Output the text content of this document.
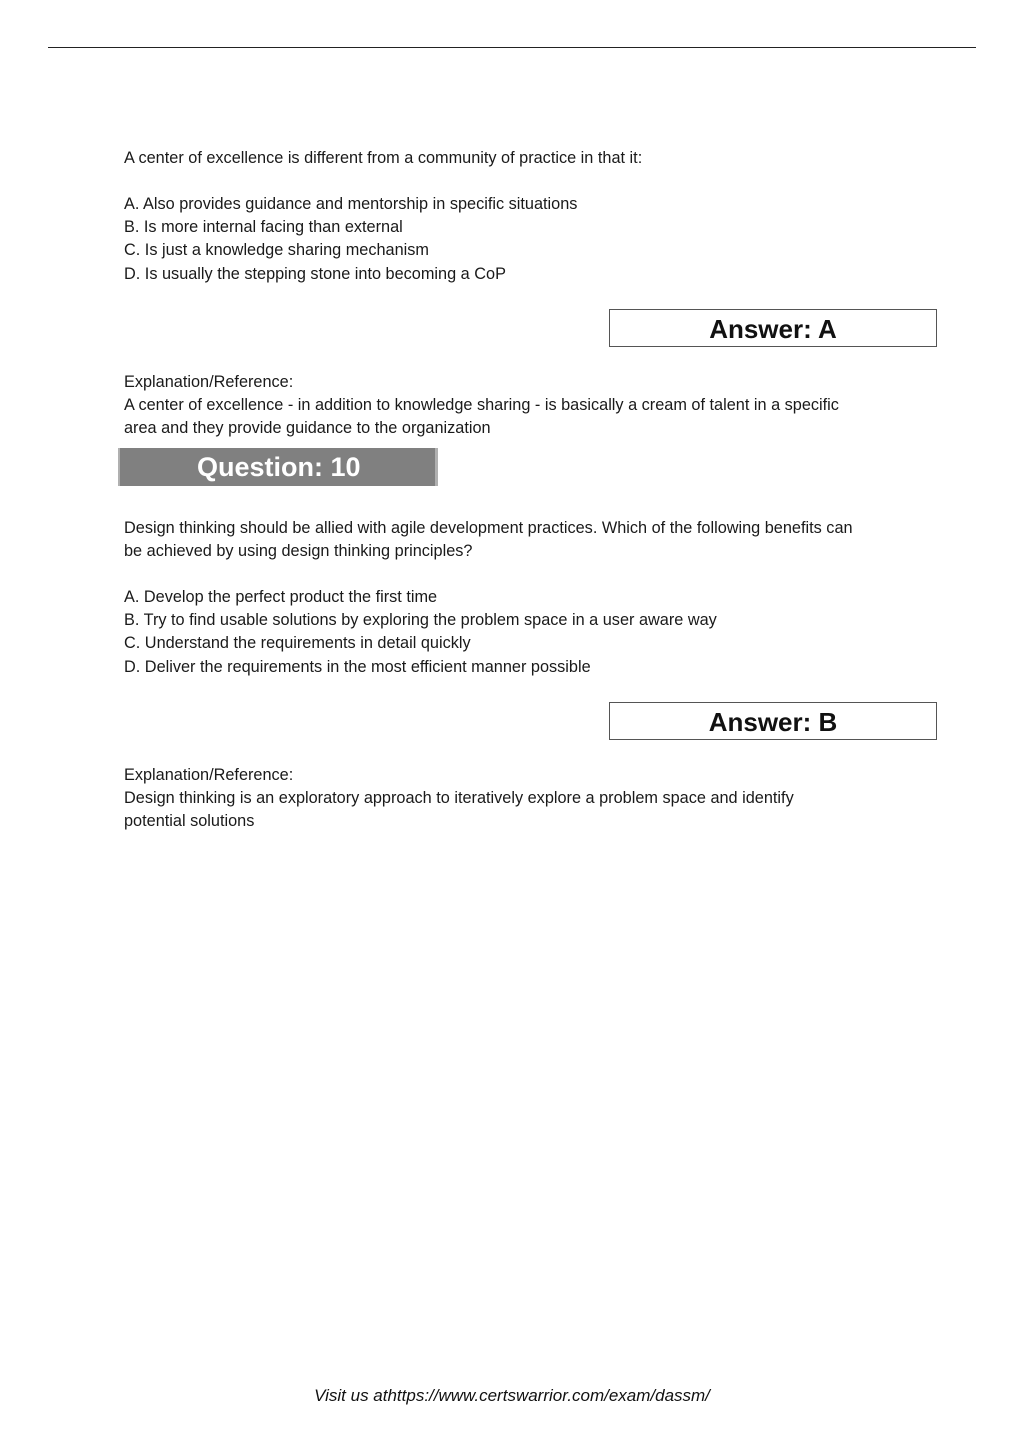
A center of excellence is different from a community of practice in that it:

A. Also provides guidance and mentorship in specific situations

B. Is more internal facing than external

C. Is just a knowledge sharing mechanism

D. Is usually the stepping stone into becoming a CoP

Answer: A

Explanation/Reference:

A center of excellence - in addition to knowledge sharing - is basically a cream of talent in a specific

area and they provide guidance to the organization

Question: 10

Design thinking should be allied with agile development practices. Which of the following benefits can

be achieved by using design thinking principles?

A. Develop the perfect product the first time

B. Try to find usable solutions by exploring the problem space in a user aware way

C. Understand the requirements in detail quickly

D. Deliver the requirements in the most efficient manner possible

Answer: B

Explanation/Reference:

Design thinking is an exploratory approach to iteratively explore a problem space and identify

potential solutions

Visit us athttps://www.certswarrior.com/exam/dassm/
